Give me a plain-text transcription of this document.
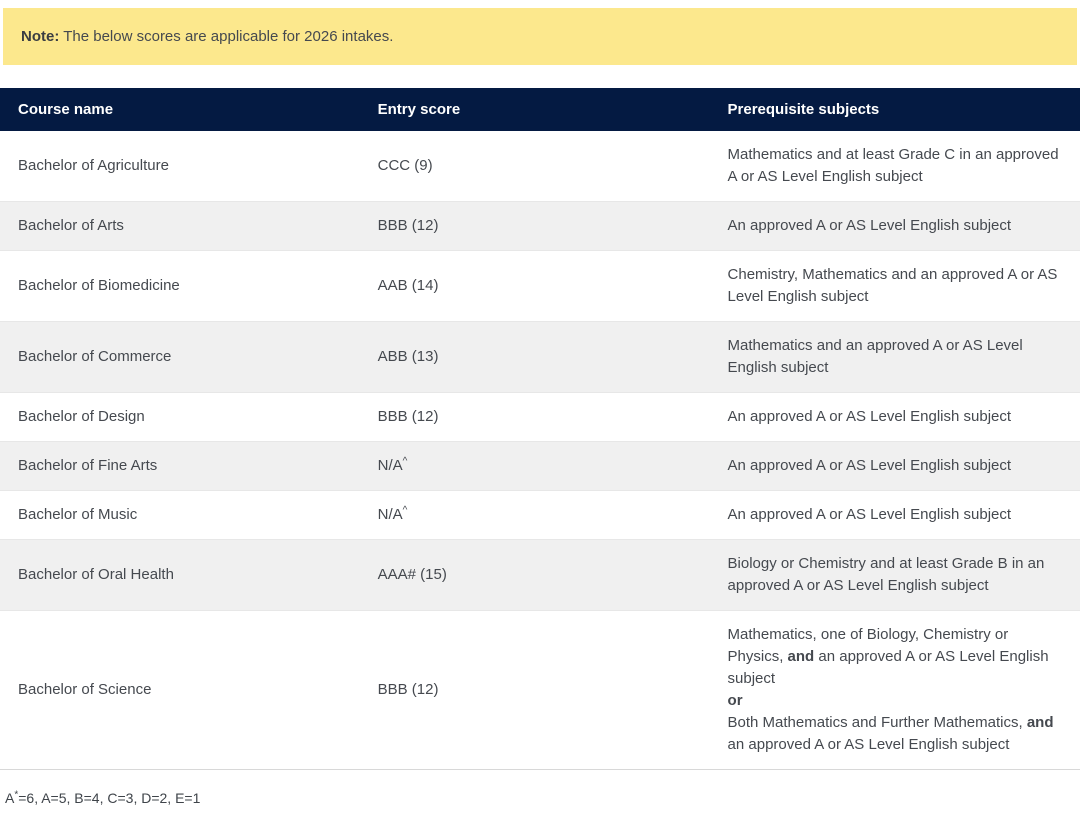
Note: The below scores are applicable for 2026 intakes.

Course name	Entry score	Prerequisite subjects
Bachelor of Agriculture	CCC (9)	Mathematics and at least Grade C in an approved A or AS Level English subject
Bachelor of Arts	BBB (12)	An approved A or AS Level English subject
Bachelor of Biomedicine	AAB (14)	Chemistry, Mathematics and an approved A or AS Level English subject
Bachelor of Commerce	ABB (13)	Mathematics and an approved A or AS Level English subject
Bachelor of Design	BBB (12)	An approved A or AS Level English subject
Bachelor of Fine Arts	N/A^	An approved A or AS Level English subject
Bachelor of Music	N/A^	An approved A or AS Level English subject
Bachelor of Oral Health	AAA# (15)	Biology or Chemistry and at least Grade B in an approved A or AS Level English subject
Bachelor of Science	BBB (12)	Mathematics, one of Biology, Chemistry or Physics, and an approved A or AS Level English subject
or
Both Mathematics and Further Mathematics, and an approved A or AS Level English subject
A*=6, A=5, B=4, C=3, D=2, E=1
